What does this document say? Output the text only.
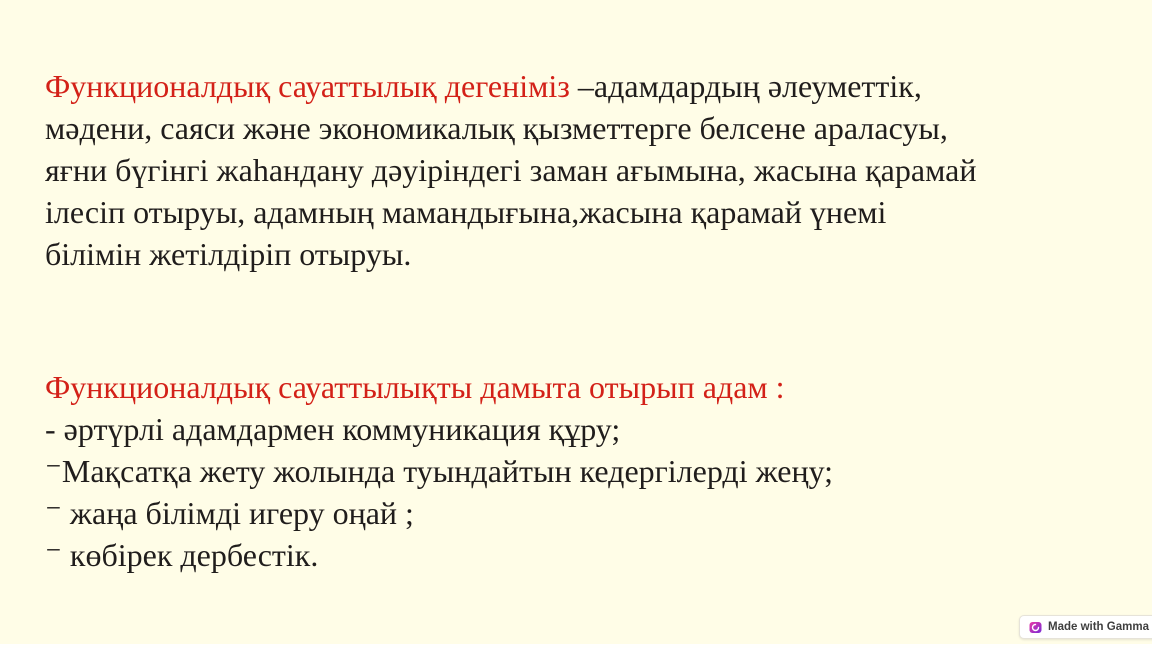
Функционалдық сауаттылық дегеніміз –адамдардың әлеуметтік,
мәдени, саяси және экономикалық қызметтерге белсене араласуы,
яғни бүгінгі жаһандану дәуіріндегі заман ағымына, жасына қарамай
ілесіп отыруы, адамның мамандығына,жасына қарамай үнемі
білімін жетілдіріп отыруы.
Функционалдық сауаттылықты дамыта отырып адам :
- әртүрлі адамдармен коммуникация құру;
⁻Мақсатқа жету жолында туындайтын кедергілерді жеңу;
⁻ жаңа білімді игеру оңай ;
⁻ көбірек дербестік.
Made with Gamma
